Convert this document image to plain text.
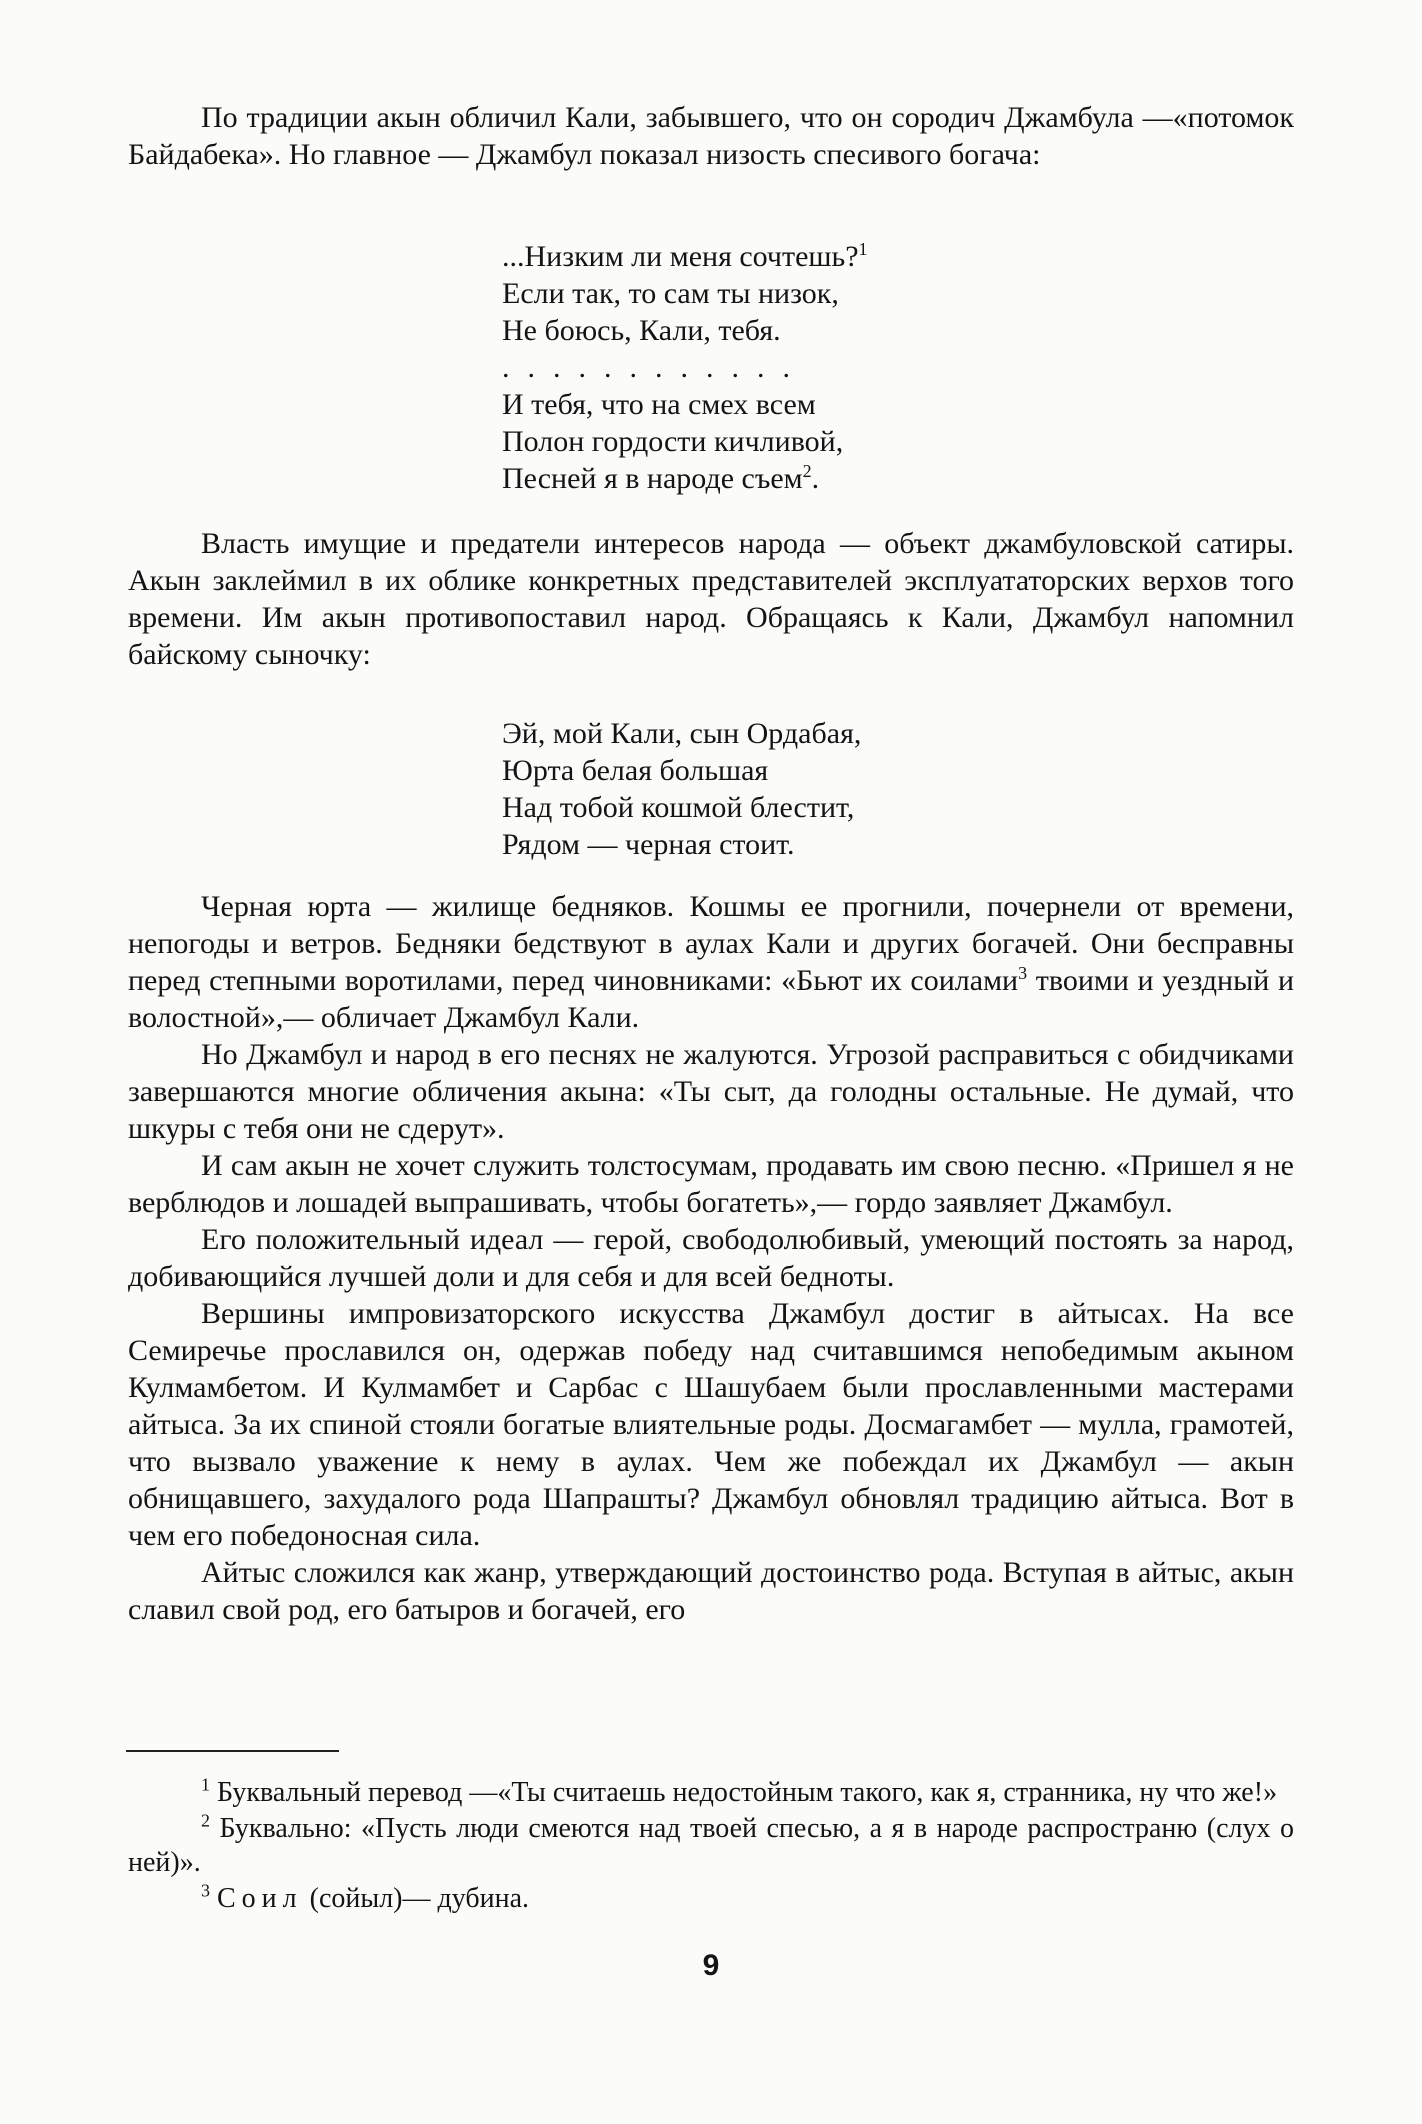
По традиции акын обличил Кали, забывшего, что он сородич Джамбула —«потомок Байдабека». Но главное — Джамбул показал низость спесивого богача:

...Низким ли меня сочтешь?$^1$
Если так, то сам ты низок,
Не боюсь, Кали, тебя.
............
И тебя, что на смех всем
Полон гордости кичливой,
Песней я в народе съем$^2$.

Власть имущие и предатели интересов народа — объект джамбуловской сатиры. Акын заклеймил в их облике конкретных представителей эксплуататорских верхов того времени. Им акын противопоставил народ. Обращаясь к Кали, Джамбул напомнил байскому сыночку:

Эй, мой Кали, сын Ордабая,
Юрта белая большая
Над тобой кошмой блестит,
Рядом — черная стоит.

Черная юрта — жилище бедняков. Кошмы ее прогнили, почернели от времени, непогоды и ветров. Бедняки бедствуют в аулах Кали и других богачей. Они бесправны перед степными воротилами, перед чиновниками: «Бьют их соилами$^3$ твоими и уездный и волостной»,— обличает Джамбул Кали.

Но Джамбул и народ в его песнях не жалуются. Угрозой расправиться с обидчиками завершаются многие обличения акына: «Ты сыт, да голодны остальные. Не думай, что шкуры с тебя они не сдерут».

И сам акын не хочет служить толстосумам, продавать им свою песню. «Пришел я не верблюдов и лошадей выпрашивать, чтобы богатеть»,— гордо заявляет Джамбул.

Его положительный идеал — герой, свободолюбивый, умеющий постоять за народ, добивающийся лучшей доли и для себя и для всей бедноты.

Вершины импровизаторского искусства Джамбул достиг в айтысах. На все Семиречье прославился он, одержав победу над считавшимся непобедимым акыном Кулмамбетом. И Кулмамбет и Сарбас с Шашубаем были прославленными мастерами айтыса. За их спиной стояли богатые влиятельные роды. Досмагамбет — мулла, грамотей, что вызвало уважение к нему в аулах. Чем же побеждал их Джамбул — акын обнищавшего, захудалого рода Шапрашты? Джамбул обновлял традицию айтыса. Вот в чем его победоносная сила.

Айтыс сложился как жанр, утверждающий достоинство рода. Вступая в айтыс, акын славил свой род, его батыров и богачей, его

$^1$ Буквальный перевод —«Ты считаешь недостойным такого, как я, странника, ну что же!»

$^2$ Буквально: «Пусть люди смеются над твоей спесью, а я в народе распространю (слух о ней)».

$^3$ Соил (сойыл)— дубина.

9
